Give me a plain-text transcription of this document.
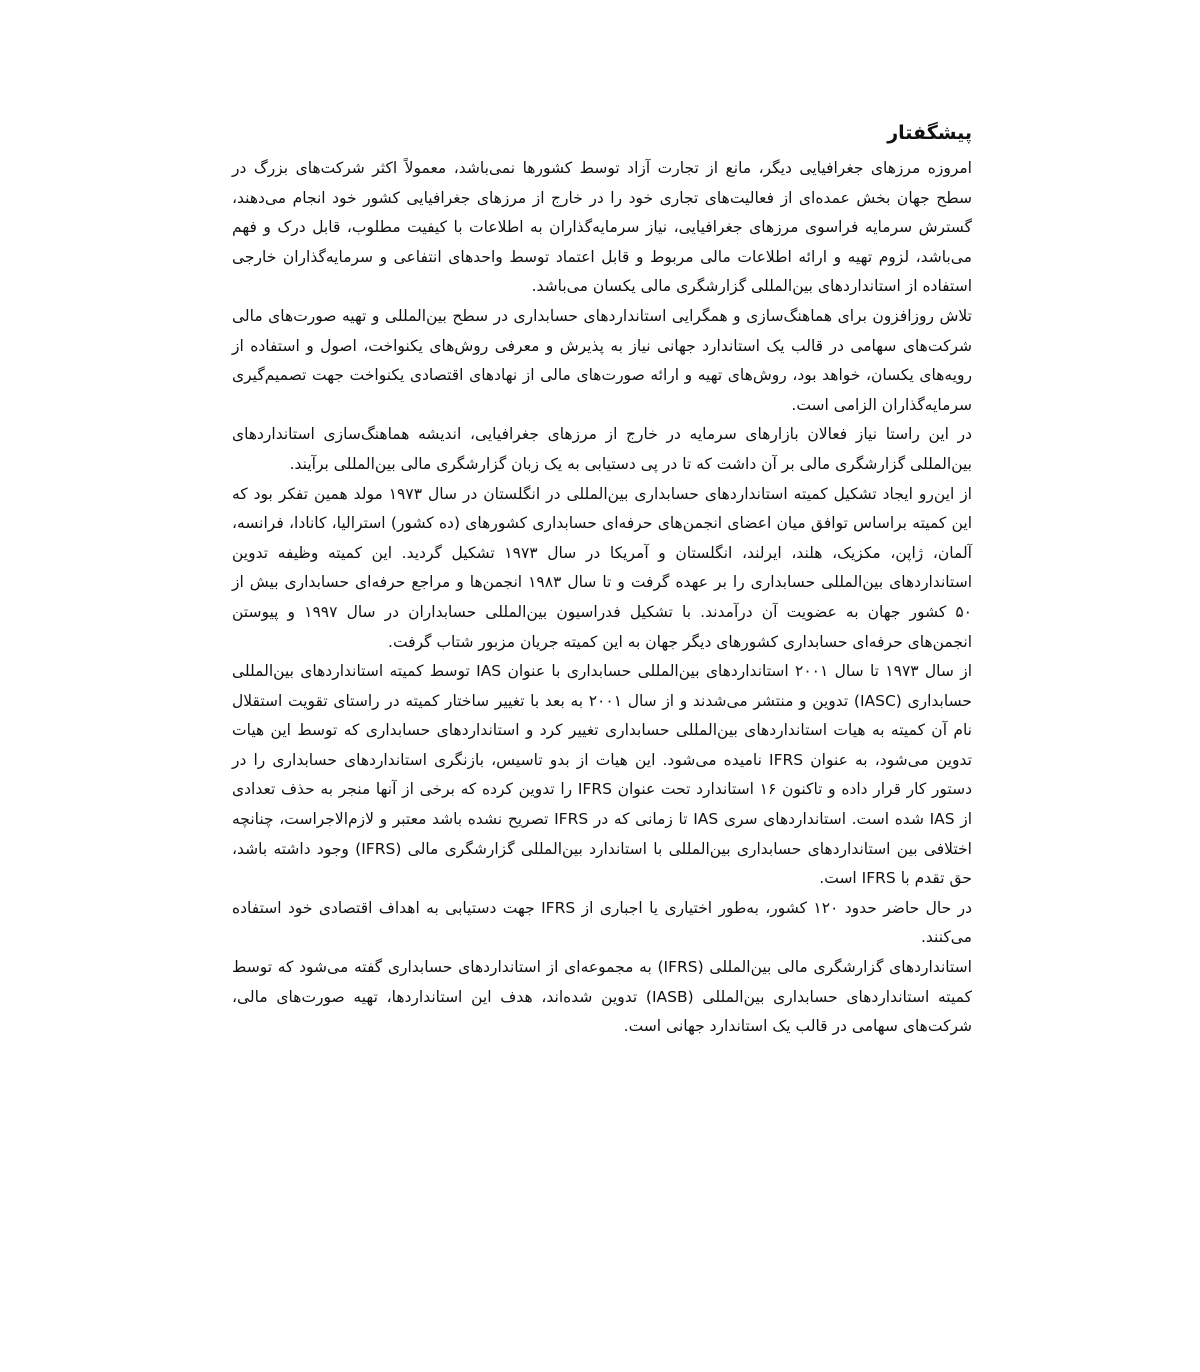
پیشگفتار

امروزه مرزهای جغرافیایی دیگر، مانع از تجارت آزاد توسط کشورها نمی‌باشد، معمولاً اکثر شرکت‌های بزرگ در سطح جهان بخش عمده‌ای از فعالیت‌های تجاری خود را در خارج از مرزهای جغرافیایی کشور خود انجام می‌دهند، گسترش سرمایه فراسوی مرزهای جغرافیایی، نیاز سرمایه‌گذاران به اطلاعات با کیفیت مطلوب، قابل درک و فهم می‌باشد، لزوم تهیه و ارائه اطلاعات مالی مربوط و قابل اعتماد توسط واحدهای انتفاعی و سرمایه‌گذاران خارجی استفاده از استانداردهای بین‌المللی گزارشگری مالی یکسان می‌باشد.

تلاش روزافزون برای هماهنگ‌سازی و همگرایی استانداردهای حسابداری در سطح بین‌المللی و تهیه صورت‌های مالی شرکت‌های سهامی در قالب یک استاندارد جهانی نیاز به پذیرش و معرفی روش‌های یکنواخت، اصول و استفاده از رویه‌های یکسان، خواهد بود، روش‌های تهیه و ارائه صورت‌های مالی از نهادهای اقتصادی یکنواخت جهت تصمیم‌گیری سرمایه‌گذاران الزامی است.

در این راستا نیاز فعالان بازارهای سرمایه در خارج از مرزهای جغرافیایی، اندیشه هماهنگ‌سازی استانداردهای بین‌المللی گزارشگری مالی بر آن داشت که تا در پی دستیابی به یک زبان گزارشگری مالی بین‌المللی برآیند.

از این‌رو ایجاد تشکیل کمیته استانداردهای حسابداری بین‌المللی در انگلستان در سال ۱۹۷۳ مولد همین تفکر بود که این کمیته براساس توافق میان اعضای انجمن‌های حرفه‌ای حسابداری کشورهای (ده کشور) استرالیا، کانادا، فرانسه، آلمان، ژاپن، مکزیک، هلند، ایرلند، انگلستان و آمریکا در سال ۱۹۷۳ تشکیل گردید. این کمیته وظیفه تدوین استانداردهای بین‌المللی حسابداری را بر عهده گرفت و تا سال ۱۹۸۳ انجمن‌ها و مراجع حرفه‌ای حسابداری بیش از ۵۰ کشور جهان به عضویت آن درآمدند. با تشکیل فدراسیون بین‌المللی حسابداران در سال ۱۹۹۷ و پیوستن انجمن‌های حرفه‌ای حسابداری کشورهای دیگر جهان به این کمیته جریان مزبور شتاب گرفت.

از سال ۱۹۷۳ تا سال ۲۰۰۱ استانداردهای بین‌المللی حسابداری با عنوان IAS توسط کمیته استانداردهای بین‌المللی حسابداری (IASC) تدوین و منتشر می‌شدند و از سال ۲۰۰۱ به بعد با تغییر ساختار کمیته در راستای تقویت استقلال نام آن کمیته به هیات استانداردهای بین‌المللی حسابداری تغییر کرد و استانداردهای حسابداری که توسط این هیات تدوین می‌شود، به عنوان IFRS نامیده می‌شود. این هیات از بدو تاسیس، بازنگری استانداردهای حسابداری را در دستور کار قرار داده و تاکنون ۱۶ استاندارد تحت عنوان IFRS را تدوین کرده که برخی از آنها منجر به حذف تعدادی از IAS شده است. استانداردهای سری IAS تا زمانی که در IFRS تصریح نشده باشد معتبر و لازم‌الاجراست، چنانچه اختلافی بین استانداردهای حسابداری بین‌المللی با استاندارد بین‌المللی گزارشگری مالی (IFRS) وجود داشته باشد، حق تقدم با IFRS است.

در حال حاضر حدود ۱۲۰ کشور، به‌طور اختیاری یا اجباری از IFRS جهت دستیابی به اهداف اقتصادی خود استفاده می‌کنند.

استانداردهای گزارشگری مالی بین‌المللی (IFRS) به مجموعه‌ای از استانداردهای حسابداری گفته می‌شود که توسط کمیته استانداردهای حسابداری بین‌المللی (IASB) تدوین شده‌اند، هدف این استانداردها، تهیه صورت‌های مالی، شرکت‌های سهامی در قالب یک استاندارد جهانی است.
